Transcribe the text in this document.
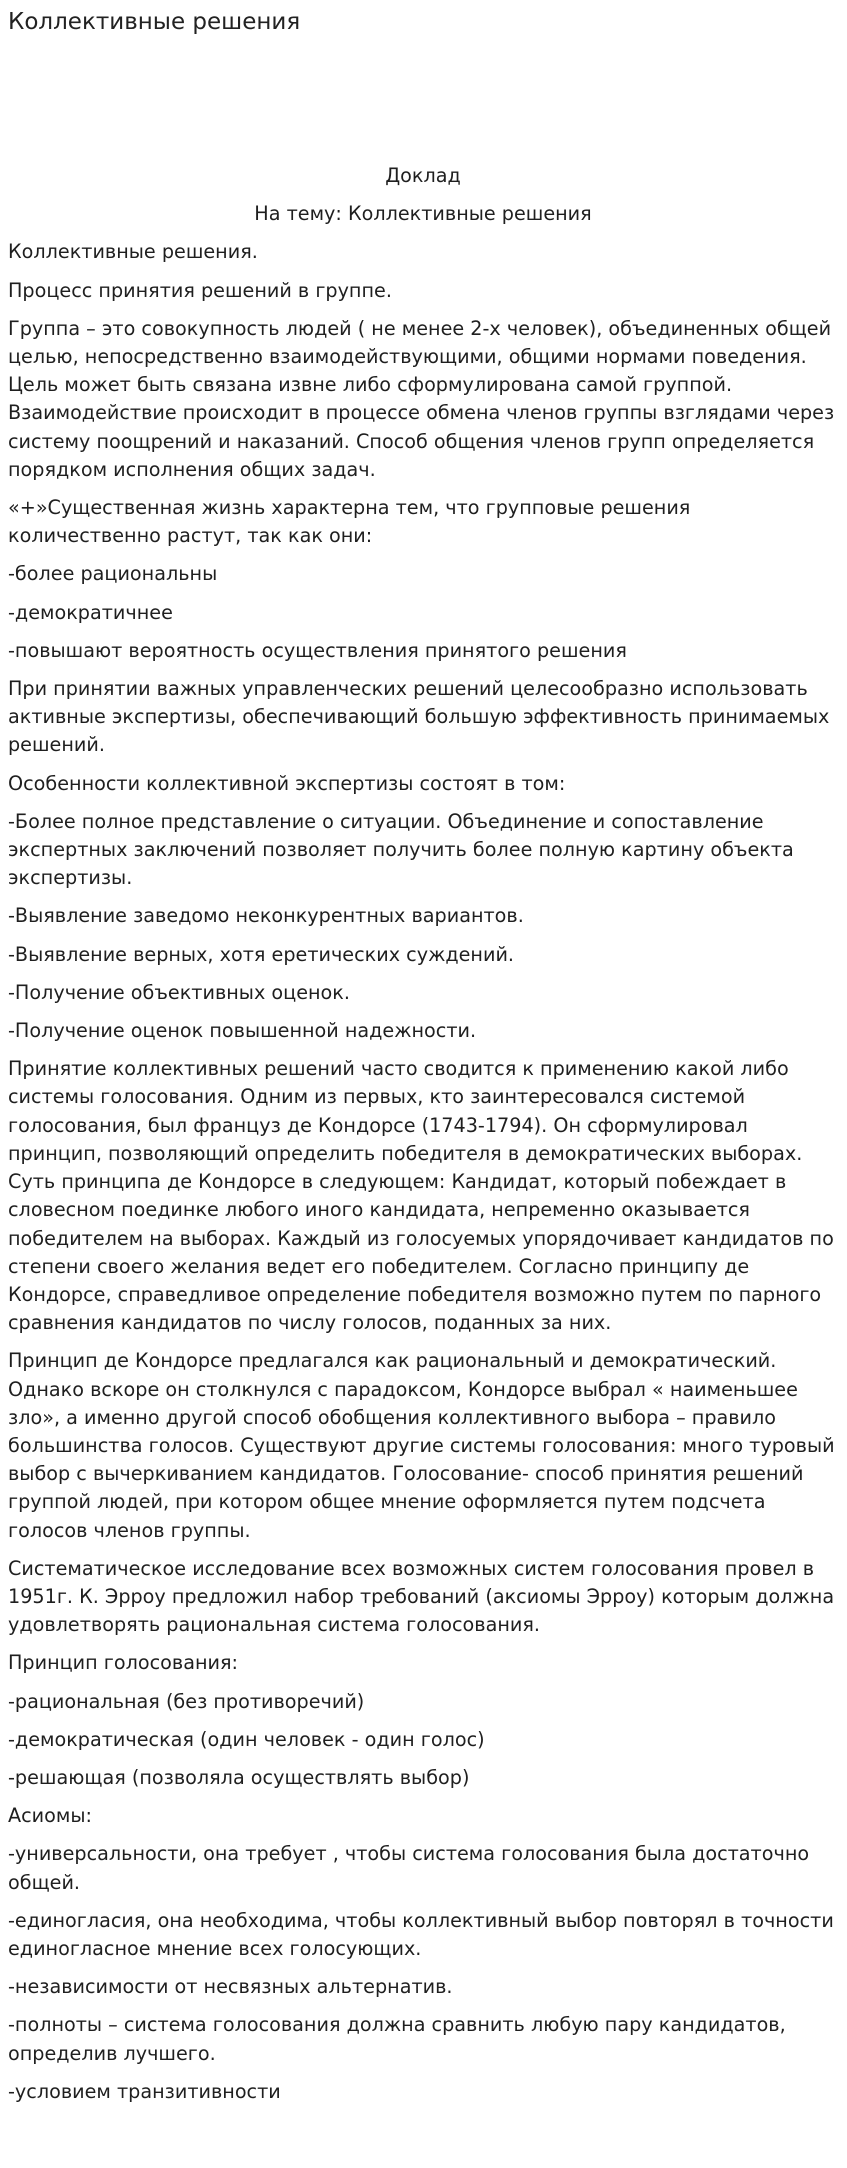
Коллективные решения

Доклад

На тему: Коллективные решения

Коллективные решения.

Процесс принятия решений в группе.

Группа – это совокупность людей ( не менее 2-х человек), объединенных общей целью, непосредственно взаимодействующими, общими нормами поведения. Цель может быть связана извне либо сформулирована самой группой. Взаимодействие происходит в процессе обмена членов группы взглядами через систему поощрений и наказаний. Способ общения членов групп определяется порядком исполнения общих задач.

«+»Существенная жизнь характерна тем, что групповые решения количественно растут, так как они:

-более рациональны

-демократичнее

-повышают вероятность осуществления принятого решения

При принятии важных управленческих решений целесообразно использовать активные экспертизы, обеспечивающий большую эффективность принимаемых решений.

Особенности коллективной экспертизы состоят в том:

-Более полное представление о ситуации. Объединение и сопоставление экспертных заключений позволяет получить более полную картину объекта экспертизы.

-Выявление заведомо неконкурентных вариантов.

-Выявление верных, хотя еретических суждений.

-Получение объективных оценок.

-Получение оценок повышенной надежности.

Принятие коллективных решений часто сводится к применению какой либо системы голосования. Одним из первых, кто заинтересовался системой голосования, был француз де Кондорсе (1743-1794). Он сформулировал принцип, позволяющий определить победителя в демократических выборах. Суть принципа де Кондорсе в следующем: Кандидат, который побеждает в словесном поединке любого иного кандидата, непременно оказывается победителем на выборах. Каждый из голосуемых упорядочивает кандидатов по степени своего желания ведет его победителем. Согласно принципу де Кондорсе, справедливое определение победителя возможно путем по парного сравнения кандидатов по числу голосов, поданных за них.

Принцип де Кондорсе предлагался как рациональный и демократический. Однако вскоре он столкнулся с парадоксом, Кондорсе выбрал « наименьшее зло», а именно другой способ обобщения коллективного выбора – правило большинства голосов. Существуют другие системы голосования: много туровый выбор с вычеркиванием кандидатов. Голосование- способ принятия решений группой людей, при котором общее мнение оформляется путем подсчета голосов членов группы.

Систематическое исследование всех возможных систем голосования провел в 1951г. К. Эрроу предложил набор требований (аксиомы Эрроу) которым должна удовлетворять рациональная система голосования.

Принцип голосования:

-рациональная (без противоречий)

-демократическая (один человек - один голос)

-решающая (позволяла осуществлять выбор)

Асиомы:

-универсальности, она требует , чтобы система голосования была достаточно общей.

-единогласия, она необходима, чтобы коллективный выбор повторял в точности единогласное мнение всех голосующих.

-независимости от несвязных альтернатив.

-полноты – система голосования должна сравнить любую пару кандидатов, определив лучшего.

-условием транзитивности
